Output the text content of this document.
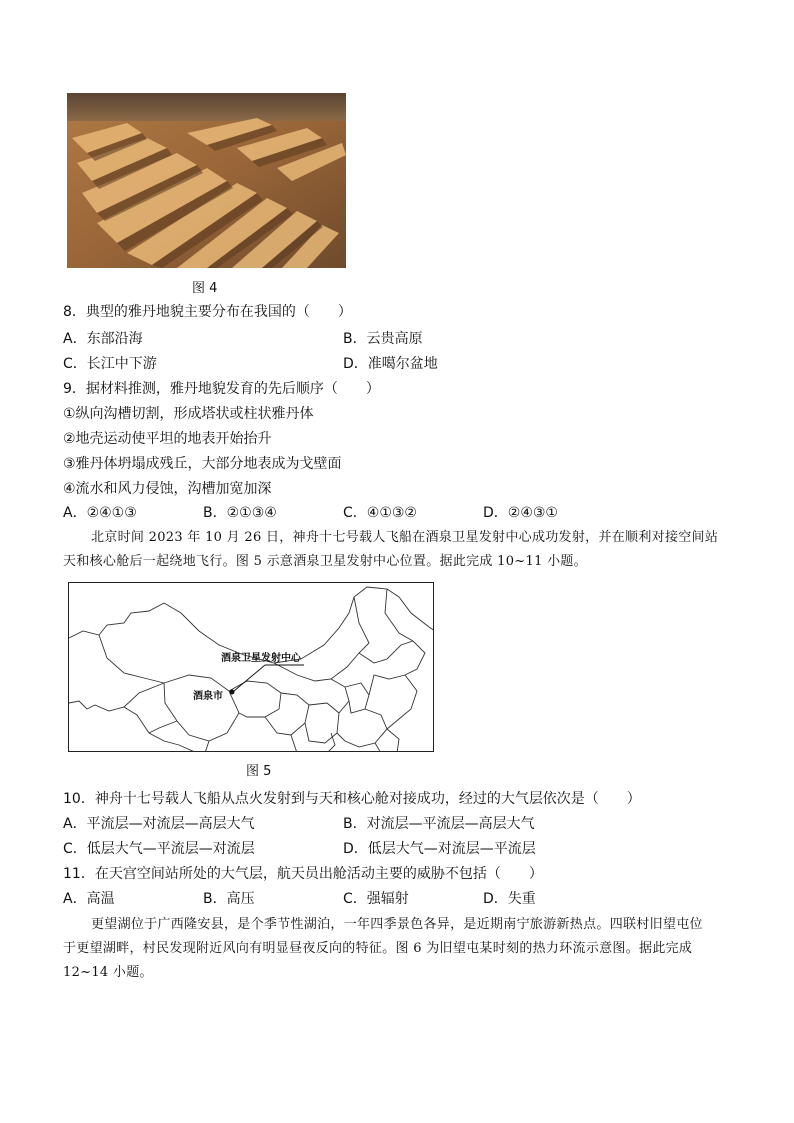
图 4
8．典型的雅丹地貌主要分布在我国的（　　）
A．东部沿海	B．云贵高原
C．长江中下游	D．准噶尔盆地
9．据材料推测，雅丹地貌发育的先后顺序（　　）
①纵向沟槽切割，形成塔状或柱状雅丹体
②地壳运动使平坦的地表开始抬升
③雅丹体坍塌成残丘，大部分地表成为戈壁面
④流水和风力侵蚀，沟槽加宽加深
A．②④①③	B．②①③④	C．④①③②	D．②④③①
北京时间 2023 年 10 月 26 日，神舟十七号载人飞船在酒泉卫星发射中心成功发射，并在顺利对接空间站
天和核心舱后一起绕地飞行。图 5 示意酒泉卫星发射中心位置。据此完成 10~11 小题。
酒泉卫星发射中心
酒泉市
图 5
10．神舟十七号载人飞船从点火发射到与天和核心舱对接成功，经过的大气层依次是（　　）
A．平流层—对流层—高层大气	B．对流层—平流层—高层大气
C．低层大气—平流层—对流层	D．低层大气—对流层—平流层
11．在天宫空间站所处的大气层，航天员出舱活动主要的威胁不包括（　　）
A．高温	B．高压	C．强辐射	D．失重
更望湖位于广西隆安县，是个季节性湖泊，一年四季景色各异，是近期南宁旅游新热点。四联村旧望屯位
于更望湖畔，村民发现附近风向有明显昼夜反向的特征。图 6 为旧望屯某时刻的热力环流示意图。据此完成
12~14 小题。
